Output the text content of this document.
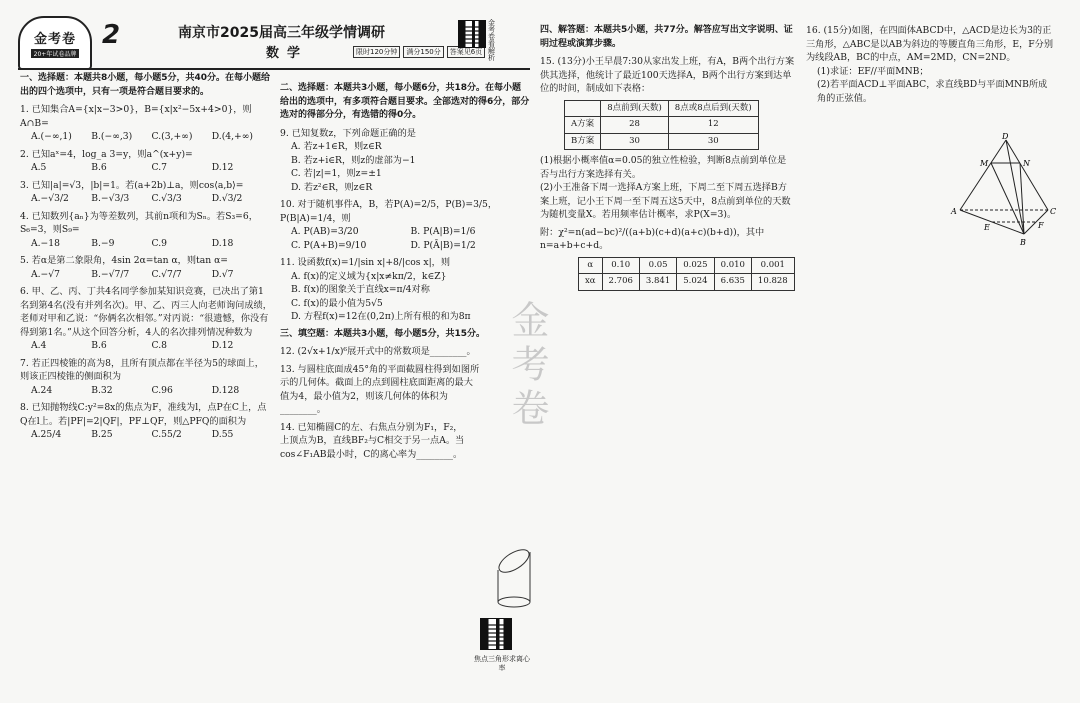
金考卷
20+年试卷品牌
2	南京市2025届高三年级学情调研
数学	限时120分钟	满分150分	答案见6页
金考卷 看解析

一、选择题：本题共8小题，每小题5分，共40分。在每小题给出的四个选项中，只有一项是符合题目要求的。

1. 已知集合A={x|x−3>0}，B={x|x²−5x+4>0}，则A∩B=

A.(−∞,1)	B.(−∞,3)	C.(3,+∞)	D.(4,+∞)

2. 已知aˣ=4，log_a 3=y，则a^(x+y)=

A.5	B.6	C.7	D.12

3. 已知|a|=√3，|b|=1。若(a+2b)⊥a，则cos⟨a,b⟩=

A.−√3/2	B.−√3/3	C.√3/3	D.√3/2

4. 已知数列{aₙ}为等差数列，其前n项和为Sₙ。若S₃=6，S₆=3，则S₉=

A.−18	B.−9	C.9	D.18

5. 若α是第二象限角，4sin 2α=tan α，则tan α=

A.−√7	B.−√7/7	C.√7/7	D.√7

6. 甲、乙、丙、丁共4名同学参加某知识竞赛，已决出了第1名到第4名(没有并列名次)。甲、乙、丙三人向老师询问成绩，老师对甲和乙说：“你俩名次相邻。”对丙说：“很遗憾，你没有得到第1名。”从这个回答分析，4人的名次排列情况种数为

A.4	B.6	C.8	D.12

7. 若正四棱锥的高为8，且所有顶点都在半径为5的球面上，则该正四棱锥的侧面积为

A.24	B.32	C.96	D.128

8. 已知抛物线C:y²=8x的焦点为F，准线为l，点P在C上，点Q在l上。若|PF|=2|QF|，PF⊥QF，则△PFQ的面积为

A.25/4	B.25	C.55/2	D.55

二、选择题：本题共3小题，每小题6分，共18分。在每小题给出的选项中，有多项符合题目要求。全部选对的得6分，部分选对的得部分分，有选错的得0分。

9. 已知复数z，下列命题正确的是

A. 若z+1∈R，则z∈R

B. 若z+i∈R，则z的虚部为−1

C. 若|z|=1，则z=±1

D. 若z²∈R，则z∈R

10. 对于随机事件A，B，若P(A)=2/5，P(B)=3/5，P(B|A)=1/4，则

A. P(AB)=3/20	B. P(A|B)=1/6
C. P(A+B)=9/10	D. P(Ā|B)=1/2

11. 设函数f(x)=1/|sin x|+8/|cos x|，则

A. f(x)的定义域为{x|x≠kπ/2，k∈Z}

B. f(x)的图象关于直线x=π/4对称

C. f(x)的最小值为5√5

D. 方程f(x)=12在(0,2π)上所有根的和为8π

三、填空题：本题共3小题，每小题5分，共15分。

12. (2√x+1/x)⁶展开式中的常数项是________。

13. 与圆柱底面成45°角的平面截圆柱得到如图所示的几何体。截面上的点到圆柱底面距离的最大值为4，最小值为2，则该几何体的体积为________。

14. 已知椭圆C的左、右焦点分别为F₁，F₂，上顶点为B，直线BF₂与C相交于另一点A。当cos∠F₁AB最小时，C的离心率为________。

焦点三角形求离心率
金考卷

四、解答题：本题共5小题，共77分。解答应写出文字说明、证明过程或演算步骤。

15. (13分)小王早晨7:30从家出发上班，有A，B两个出行方案供其选择，他统计了最近100天选择A，B两个出行方案到达单位的时间，制成如下表格：

	8点前到(天数)	8点或8点后到(天数)
A方案	28	12
B方案	30	30

(1)根据小概率值α=0.05的独立性检验，判断8点前到单位是否与出行方案选择有关。

(2)小王准备下周一选择A方案上班，下周二至下周五选择B方案上班，记小王下周一至下周五这5天中，8点前到单位的天数为随机变量X。若用频率估计概率，求P(X=3)。

附：χ²=n(ad−bc)²/((a+b)(c+d)(a+c)(b+d))，其中n=a+b+c+d。

α	0.10	0.05	0.025	0.010	0.001
xα	2.706	3.841	5.024	6.635	10.828

16. (15分)如图，在四面体ABCD中，△ACD是边长为3的正三角形，△ABC是以AB为斜边的等腰直角三角形，E，F分别为线段AB，BC的中点，AM=2MD，CN=2ND。

(1)求证：EF//平面MNB；

(2)若平面ACD⊥平面ABC，求直线BD与平面MNB所成角的正弦值。

D
M	N
A	C
E	F
B
